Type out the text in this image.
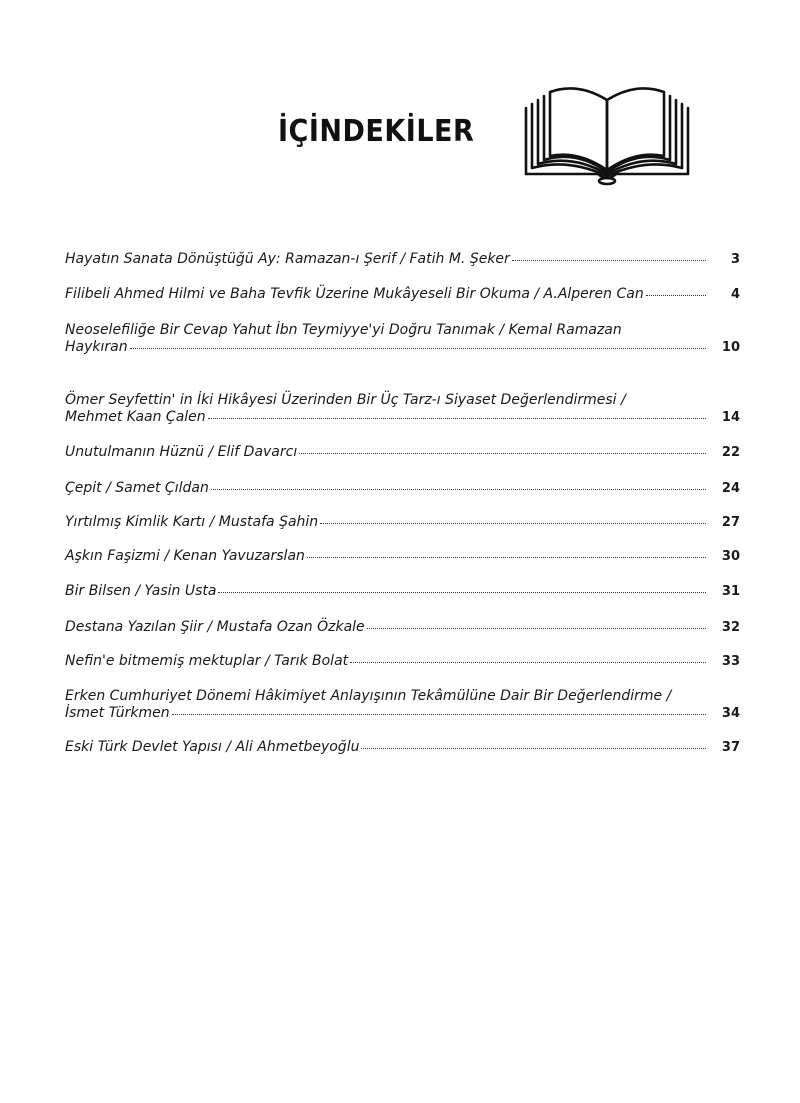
İÇİNDEKİLER
Hayatın Sanata Dönüştüğü Ay: Ramazan-ı Şerif / Fatih M. Şeker	3
Filibeli Ahmed Hilmi ve Baha Tevfik Üzerine Mukâyeseli Bir Okuma / A.Alperen Can	4
Neoselefiliğe Bir Cevap Yahut İbn Teymiyye'yi Doğru Tanımak / Kemal Ramazan
Haykıran	10
Ömer Seyfettin' in İki Hikâyesi Üzerinden Bir Üç Tarz-ı Siyaset Değerlendirmesi /
Mehmet Kaan Çalen	14
Unutulmanın Hüznü / Elif Davarcı	22
Çepit / Samet Çıldan	24
Yırtılmış Kimlik Kartı / Mustafa Şahin	27
Aşkın Faşizmi / Kenan Yavuzarslan	30
Bir Bilsen / Yasin Usta	31
Destana Yazılan Şiir / Mustafa Ozan Özkale	32
Nefin'e bitmemiş mektuplar / Tarık Bolat	33
Erken Cumhuriyet Dönemi Hâkimiyet Anlayışının Tekâmülüne Dair Bir Değerlendirme /
İsmet Türkmen	34
Eski Türk Devlet Yapısı / Ali Ahmetbeyoğlu	37
